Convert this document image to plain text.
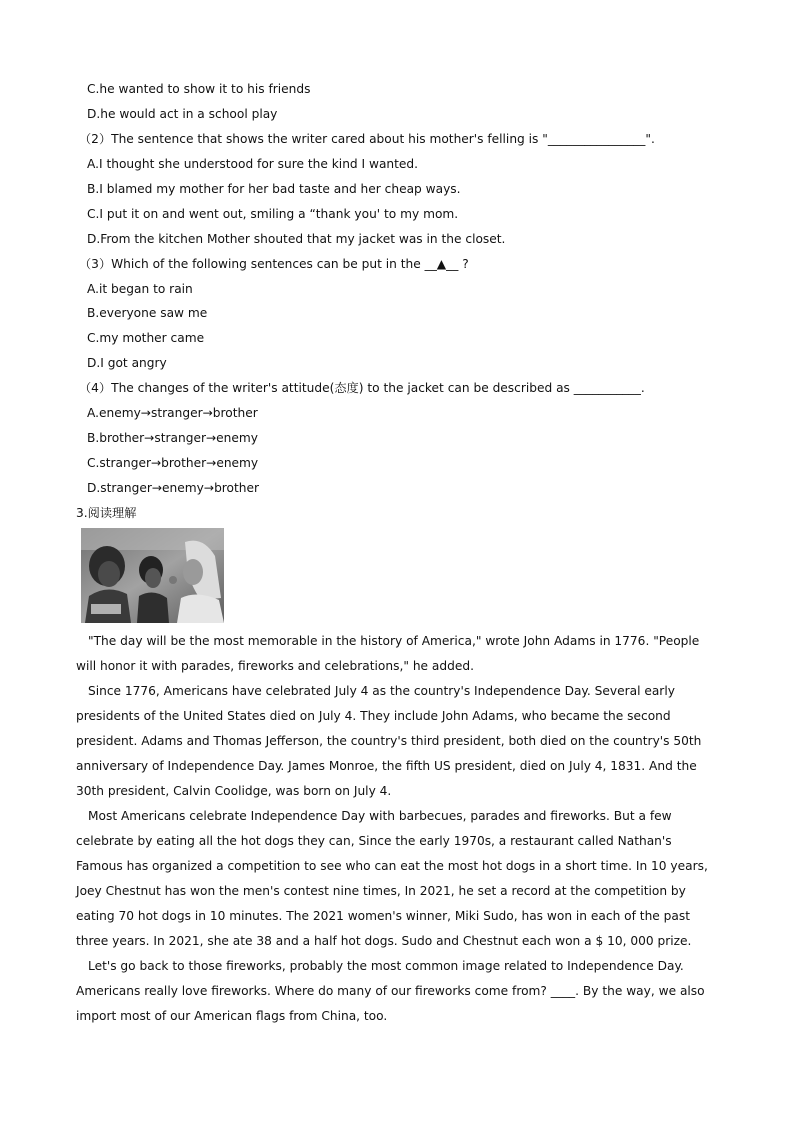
C.he wanted to show it to his friends
D.he would act in a school play
（2）The sentence that shows the writer cared about his mother's felling is "________________".
A.I thought she understood for sure the kind I wanted.
B.I blamed my mother for her bad taste and her cheap ways.
C.I put it on and went out, smiling a “thank you' to my mom.
D.From the kitchen Mother shouted that my jacket was in the closet.
（3）Which of the following sentences can be put in the __▲__ ?
A.it began to rain
B.everyone saw me
C.my mother came
D.I got angry
（4）The changes of the writer's attitude(态度) to the jacket can be described as ___________.
A.enemy→stranger→brother
B.brother→stranger→enemy
C.stranger→brother→enemy
D.stranger→enemy→brother
3.阅读理解

"The day will be the most memorable in the history of America," wrote John Adams in 1776. "People will honor it with parades, fireworks and celebrations," he added.

Since 1776, Americans have celebrated July 4 as the country's Independence Day. Several early presidents of the United States died on July 4. They include John Adams, who became the second president. Adams and Thomas Jefferson, the country's third president, both died on the country's 50th anniversary of Independence Day. James Monroe, the fifth US president, died on July 4, 1831. And the 30th president, Calvin Coolidge, was born on July 4.

Most Americans celebrate Independence Day with barbecues, parades and fireworks. But a few celebrate by eating all the hot dogs they can, Since the early 1970s, a restaurant called Nathan's Famous has organized a competition to see who can eat the most hot dogs in a short time. In 10 years, Joey Chestnut has won the men's contest nine times, In 2021, he set a record at the competition by eating 70 hot dogs in 10 minutes. The 2021 women's winner, Miki Sudo, has won in each of the past three years. In 2021, she ate 38 and a half hot dogs. Sudo and Chestnut each won a $ 10, 000 prize.

Let's go back to those fireworks, probably the most common image related to Independence Day. Americans really love fireworks. Where do many of our fireworks come from? ____. By the way, we also import most of our American flags from China, too.
